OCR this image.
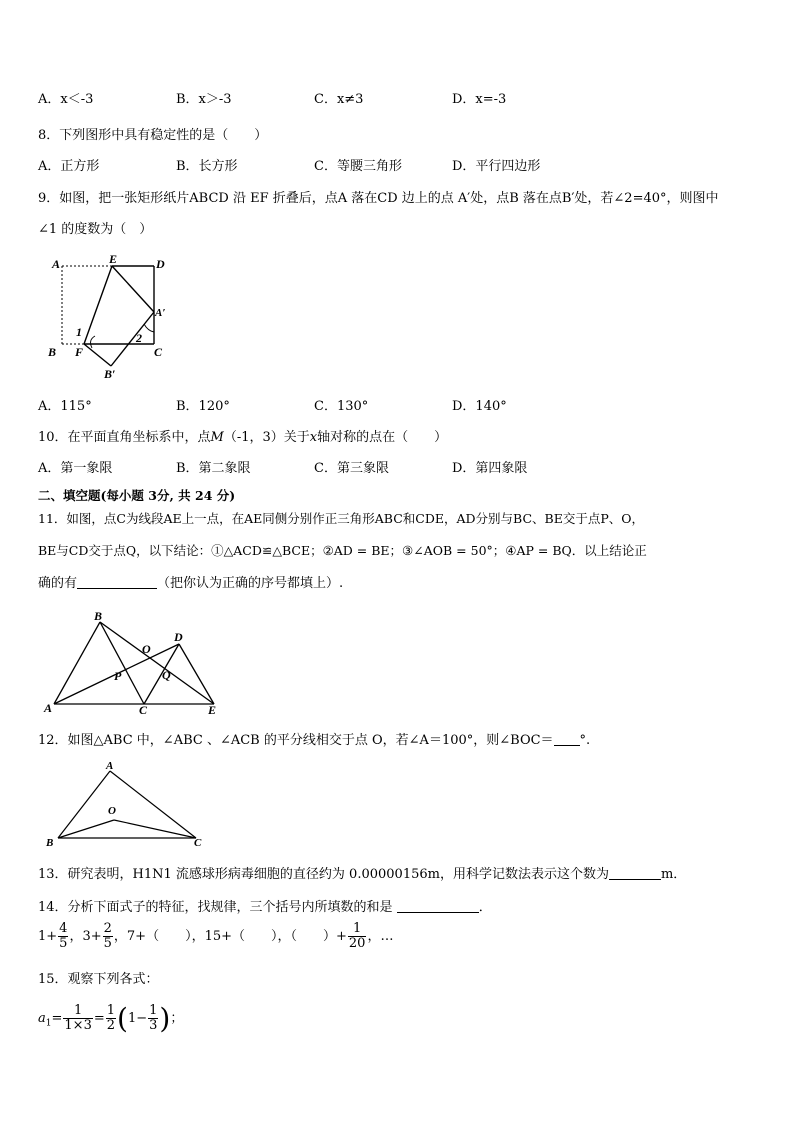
A．x＜-3	B．x＞-3	C．x≠3	D．x=-3
8．下列图形中具有稳定性的是（　　）
A．正方形	B．长方形	C．等腰三角形	D．平行四边形
9．如图，把一张矩形纸片ABCD 沿 EF 折叠后，点A 落在CD 边上的点 A′处，点B 落在点B′处，若∠2=40°，则图中
∠1 的度数为（　）
A	E	D
A′
1	2
B F	C
B′
A．115°	B．120°	C．130°	D．140°
10．在平面直角坐标系中，点M（-1，3）关于x轴对称的点在（　　）
A．第一象限	B．第二象限	C．第三象限	D．第四象限
二、填空题(每小题 3分, 共 24 分)
11．如图，点C为线段AE上一点，在AE同侧分别作正三角形ABC和CDE，AD分别与BC、BE交于点P、O，
BE与CD交于点Q，以下结论：①△ACD≌△BCE；②AD = BE；③∠AOB = 50°；④AP = BQ．以上结论正
确的有	（把你认为正确的序号都填上）.
B
D
O
P	Q
A	C	E
12．如图△ABC 中，∠ABC 、∠ACB 的平分线相交于点 O，若∠A＝100°，则∠BOC＝ °.
A
O
B	C
13．研究表明，H1N1 流感球形病毒细胞的直径约为 0.00000156m，用科学记数法表示这个数为	m．
14．分析下面式子的特征，找规律，三个括号内所填数的和是	．
$1+ \frac{4}{5}$ ，$3+ \frac{2}{5}$ ，7+（　　），15+（　　），（　　）+ $\frac{1}{20}$ ，…
15．观察下列各式：
$a_1= \frac{1}{1\times 3} = \frac{1}{2} (1- \frac{1}{3}$ )；
